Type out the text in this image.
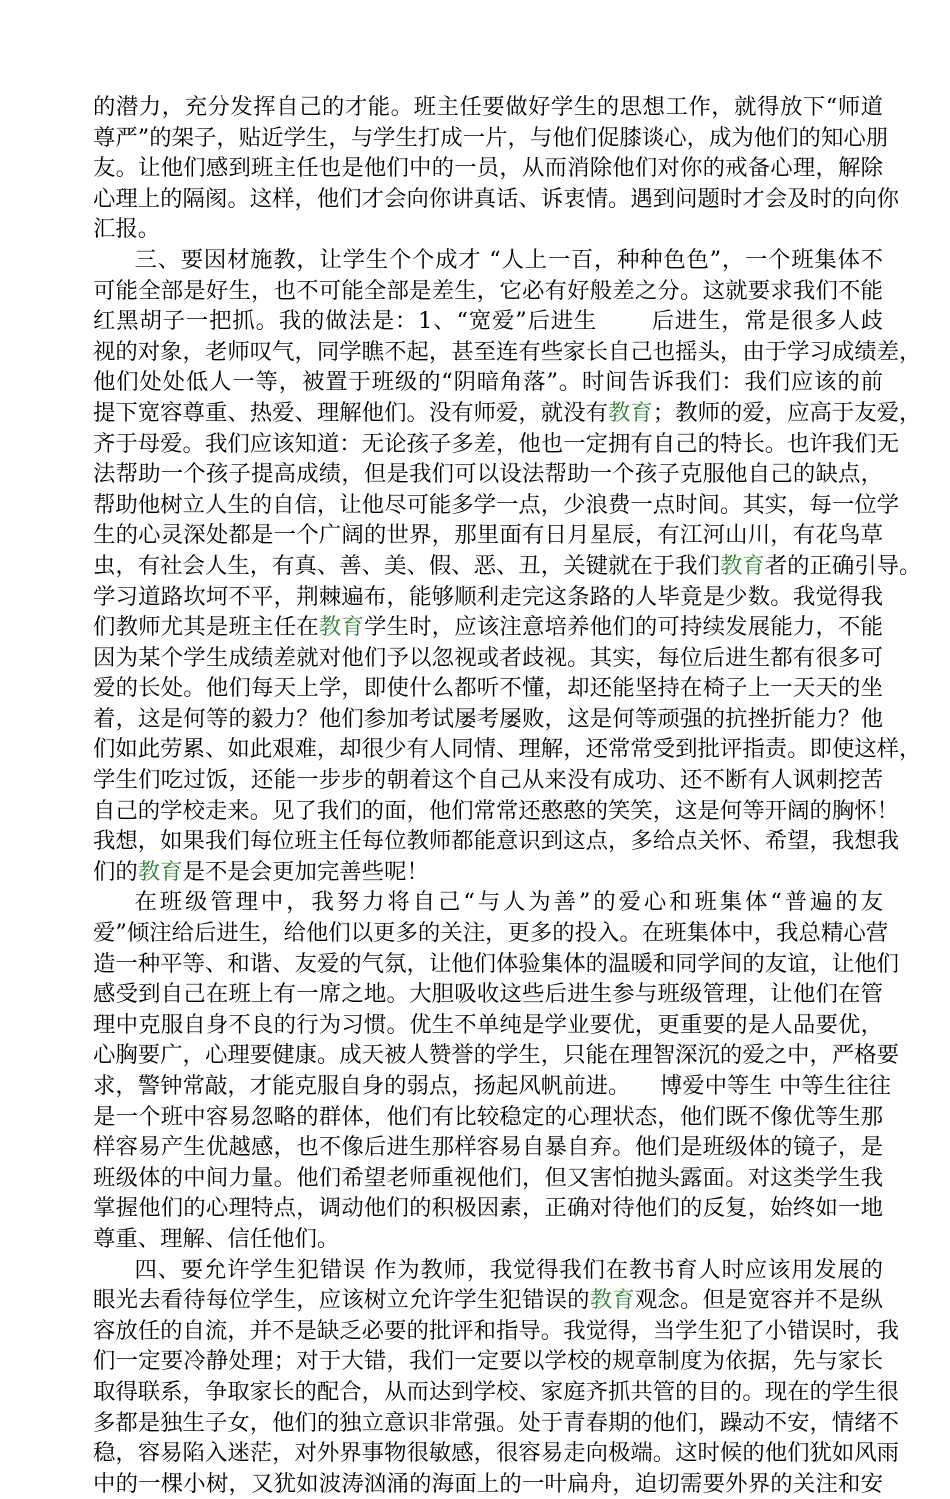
的潜力，充分发挥自己的才能。班主任要做好学生的思想工作，就得放下“师道
尊严”的架子，贴近学生，与学生打成一片，与他们促膝谈心，成为他们的知心朋
友。让他们感到班主任也是他们中的一员，从而消除他们对你的戒备心理，解除
心理上的隔阂。这样，他们才会向你讲真话、诉衷情。遇到问题时才会及时的向你
汇报。
三、要因材施教，让学生个个成才 “人上一百，种种色色”，一个班集体不
可能全部是好生，也不可能全部是差生，它必有好般差之分。这就要求我们不能
红黑胡子一把抓。我的做法是：1、“宽爱”后进生 　　后进生，常是很多人歧
视的对象，老师叹气，同学瞧不起，甚至连有些家长自己也摇头，由于学习成绩差，
他们处处低人一等，被置于班级的“阴暗角落”。时间告诉我们：我们应该的前
提下宽容尊重、热爱、理解他们。没有师爱，就没有教育；教师的爱，应高于友爱，
齐于母爱。我们应该知道：无论孩子多差，他也一定拥有自己的特长。也许我们无
法帮助一个孩子提高成绩，但是我们可以设法帮助一个孩子克服他自己的缺点，
帮助他树立人生的自信，让他尽可能多学一点，少浪费一点时间。其实，每一位学
生的心灵深处都是一个广阔的世界，那里面有日月星辰，有江河山川，有花鸟草
虫，有社会人生，有真、善、美、假、恶、丑，关键就在于我们教育者的正确引导。
学习道路坎坷不平，荆棘遍布，能够顺利走完这条路的人毕竟是少数。我觉得我
们教师尤其是班主任在教育学生时，应该注意培养他们的可持续发展能力，不能
因为某个学生成绩差就对他们予以忽视或者歧视。其实，每位后进生都有很多可
爱的长处。他们每天上学，即使什么都听不懂，却还能坚持在椅子上一天天的坐
着，这是何等的毅力？他们参加考试屡考屡败，这是何等顽强的抗挫折能力？他
们如此劳累、如此艰难，却很少有人同情、理解，还常常受到批评指责。即使这样，
学生们吃过饭，还能一步步的朝着这个自己从来没有成功、还不断有人讽刺挖苦
自己的学校走来。见了我们的面，他们常常还憨憨的笑笑，这是何等开阔的胸怀！
我想，如果我们每位班主任每位教师都能意识到这点，多给点关怀、希望，我想我
们的教育是不是会更加完善些呢！
在班级管理中，我努力将自己“与人为善”的爱心和班集体“普遍的友
爱”倾注给后进生，给他们以更多的关注，更多的投入。在班集体中，我总精心营
造一种平等、和谐、友爱的气氛，让他们体验集体的温暖和同学间的友谊，让他们
感受到自己在班上有一席之地。大胆吸收这些后进生参与班级管理，让他们在管
理中克服自身不良的行为习惯。优生不单纯是学业要优，更重要的是人品要优，
心胸要广，心理要健康。成天被人赞誉的学生，只能在理智深沉的爱之中，严格要
求，警钟常敲，才能克服自身的弱点，扬起风帆前进。 　博爱中等生 中等生往往
是一个班中容易忽略的群体，他们有比较稳定的心理状态，他们既不像优等生那
样容易产生优越感，也不像后进生那样容易自暴自弃。他们是班级体的镜子，是
班级体的中间力量。他们希望老师重视他们，但又害怕抛头露面。对这类学生我
掌握他们的心理特点，调动他们的积极因素，正确对待他们的反复，始终如一地
尊重、理解、信任他们。
四、要允许学生犯错误 作为教师，我觉得我们在教书育人时应该用发展的
眼光去看待每位学生，应该树立允许学生犯错误的教育观念。但是宽容并不是纵
容放任的自流，并不是缺乏必要的批评和指导。我觉得，当学生犯了小错误时，我
们一定要冷静处理；对于大错，我们一定要以学校的规章制度为依据，先与家长
取得联系，争取家长的配合，从而达到学校、家庭齐抓共管的目的。现在的学生很
多都是独生子女，他们的独立意识非常强。处于青春期的他们，躁动不安，情绪不
稳，容易陷入迷茫，对外界事物很敏感，很容易走向极端。这时候的他们犹如风雨
中的一棵小树，又犹如波涛汹涌的海面上的一叶扁舟，迫切需要外界的关注和安
